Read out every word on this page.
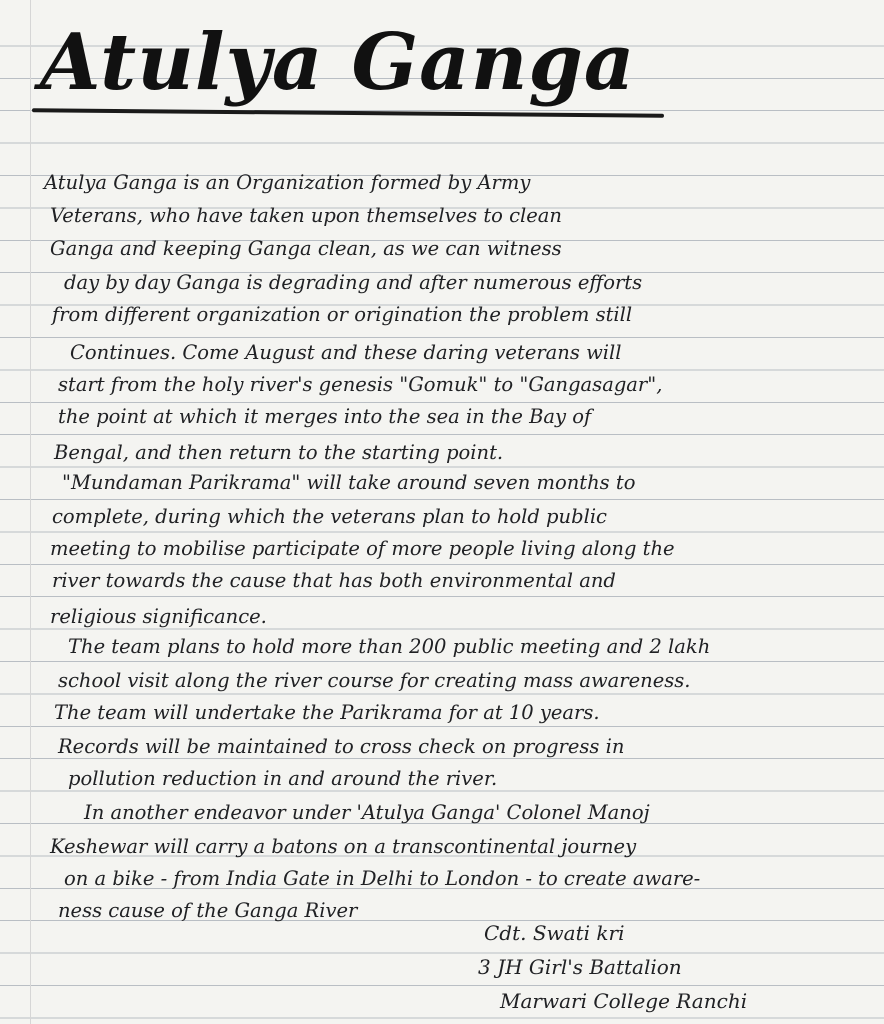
Atulya Ganga
Atulya Ganga is an Organization formed by Army
Veterans, who have taken upon themselves to clean
Ganga and keeping Ganga clean, as we can witness
day by day Ganga is degrading and after numerous efforts
from different organization or origination the problem still
Continues. Come August and these daring veterans will
start from the holy river's genesis "Gomuk" to "Gangasagar",
the point at which it merges into the sea in the Bay of
Bengal, and then return to the starting point.
"Mundaman Parikrama" will take around seven months to
complete, during which the veterans plan to hold public
meeting to mobilise participate of more people living along the
river towards the cause that has both environmental and
religious significance.
The team plans to hold more than 200 public meeting and 2 lakh
school visit along the river course for creating mass awareness.
The team will undertake the Parikrama for at 10 years.
Records will be maintained to cross check on progress in
pollution reduction in and around the river.
In another endeavor under 'Atulya Ganga' Colonel Manoj
Keshewar will carry a batons on a transcontinental journey
on a bike - from India Gate in Delhi to London - to create aware-
ness cause of the Ganga River
Cdt. Swati kri
3 JH Girl's Battalion
Marwari College Ranchi
